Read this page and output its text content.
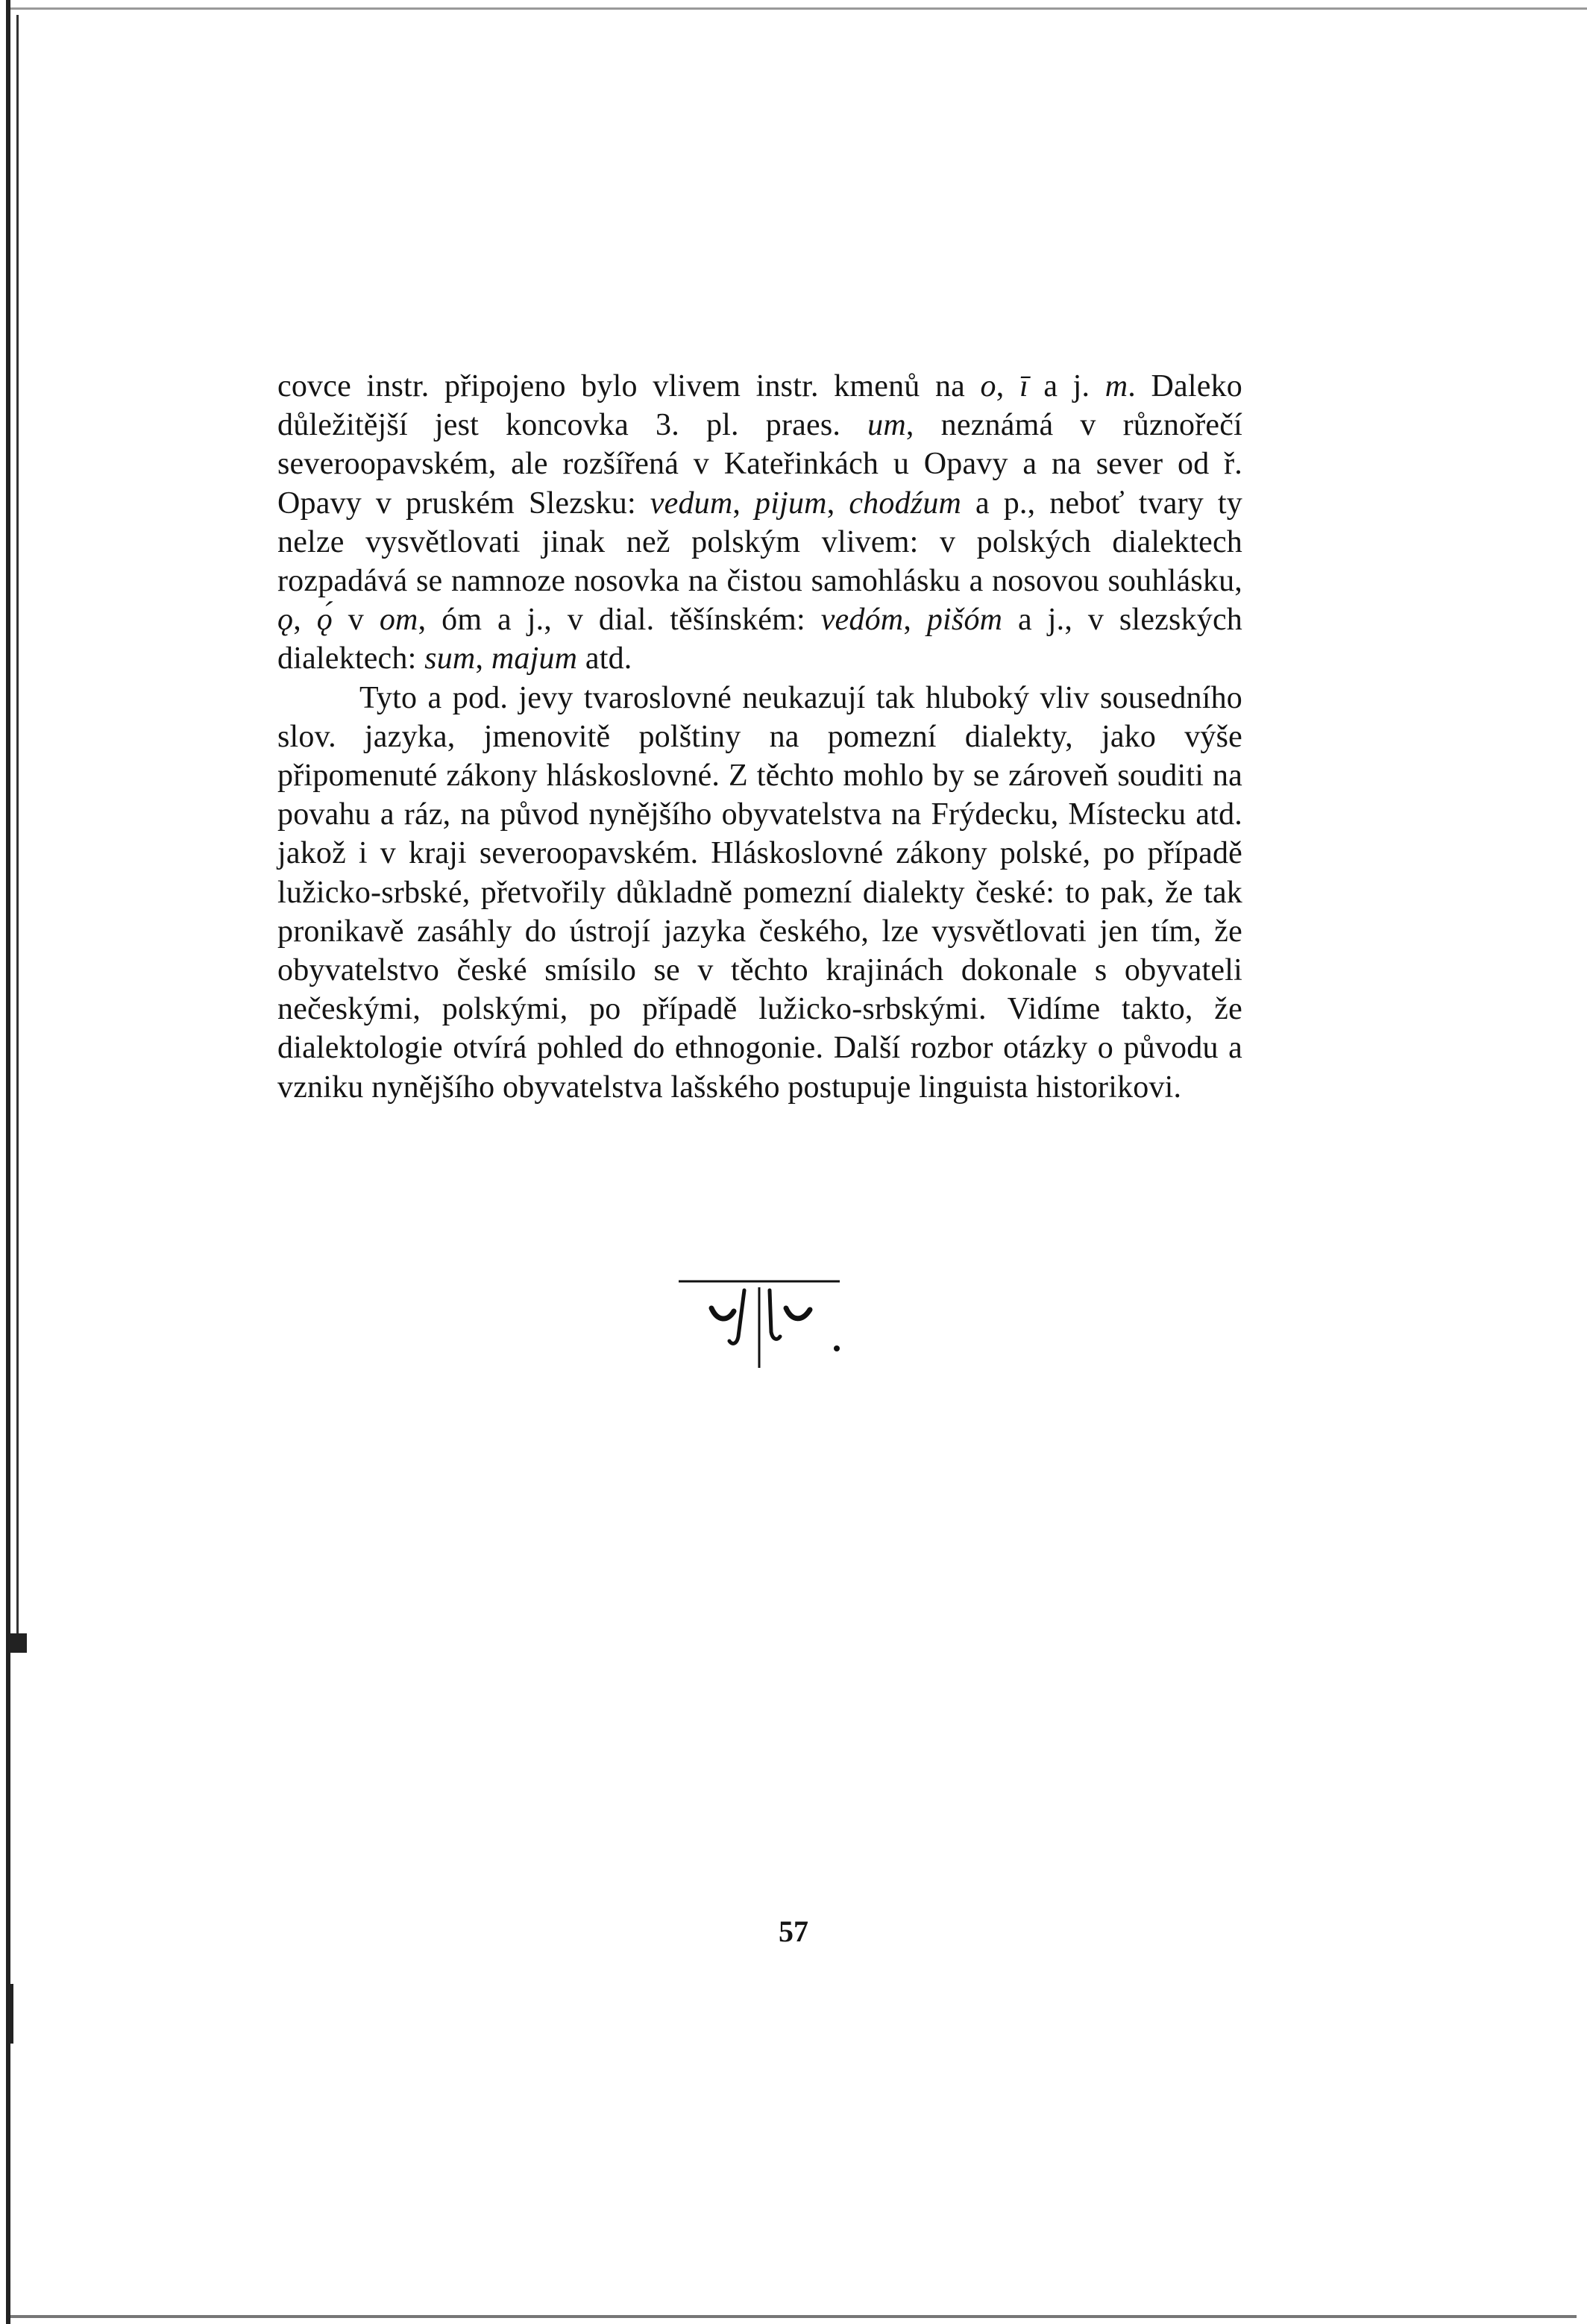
covce instr. připojeno bylo vlivem instr. kmenů na o, ī a j. m. Daleko důležitější jest koncovka 3. pl. praes. um, neznámá v různořečí severoopavském, ale rozšířená v Kateřinkách u Opavy a na sever od ř. Opavy v pruském Slezsku: vedum, pijum, chodźum a p., neboť tvary ty nelze vysvětlovati jinak než polským vlivem: v polských dialektech rozpadává se namnoze nosovka na čistou samohlásku a nosovou souhlásku, ǫ, ǫ́ v om, óm a j., v dial. těšínském: vedóm, pišóm a j., v slezských dialektech: sum, majum atd.

Tyto a pod. jevy tvaroslovné neukazují tak hluboký vliv sousedního slov. jazyka, jmenovitě polštiny na pomezní dialekty, jako výše připomenuté zákony hláskoslovné. Z těchto mohlo by se zároveň souditi na povahu a ráz, na původ nynějšího obyvatelstva na Frýdecku, Místecku atd. jakož i v kraji severoopavském. Hláskoslovné zákony polské, po případě lužicko-srbské, přetvořily důkladně pomezní dialekty české: to pak, že tak pronikavě zasáhly do ústrojí jazyka českého, lze vysvětlovati jen tím, že obyvatelstvo české smísilo se v těchto krajinách dokonale s obyvateli nečeskými, polskými, po případě lužicko-srbskými. Vidíme takto, že dialektologie otvírá pohled do ethnogonie. Další rozbor otázky o původu a vzniku nynějšího obyvatelstva lašského postupuje linguista historikovi.

57
